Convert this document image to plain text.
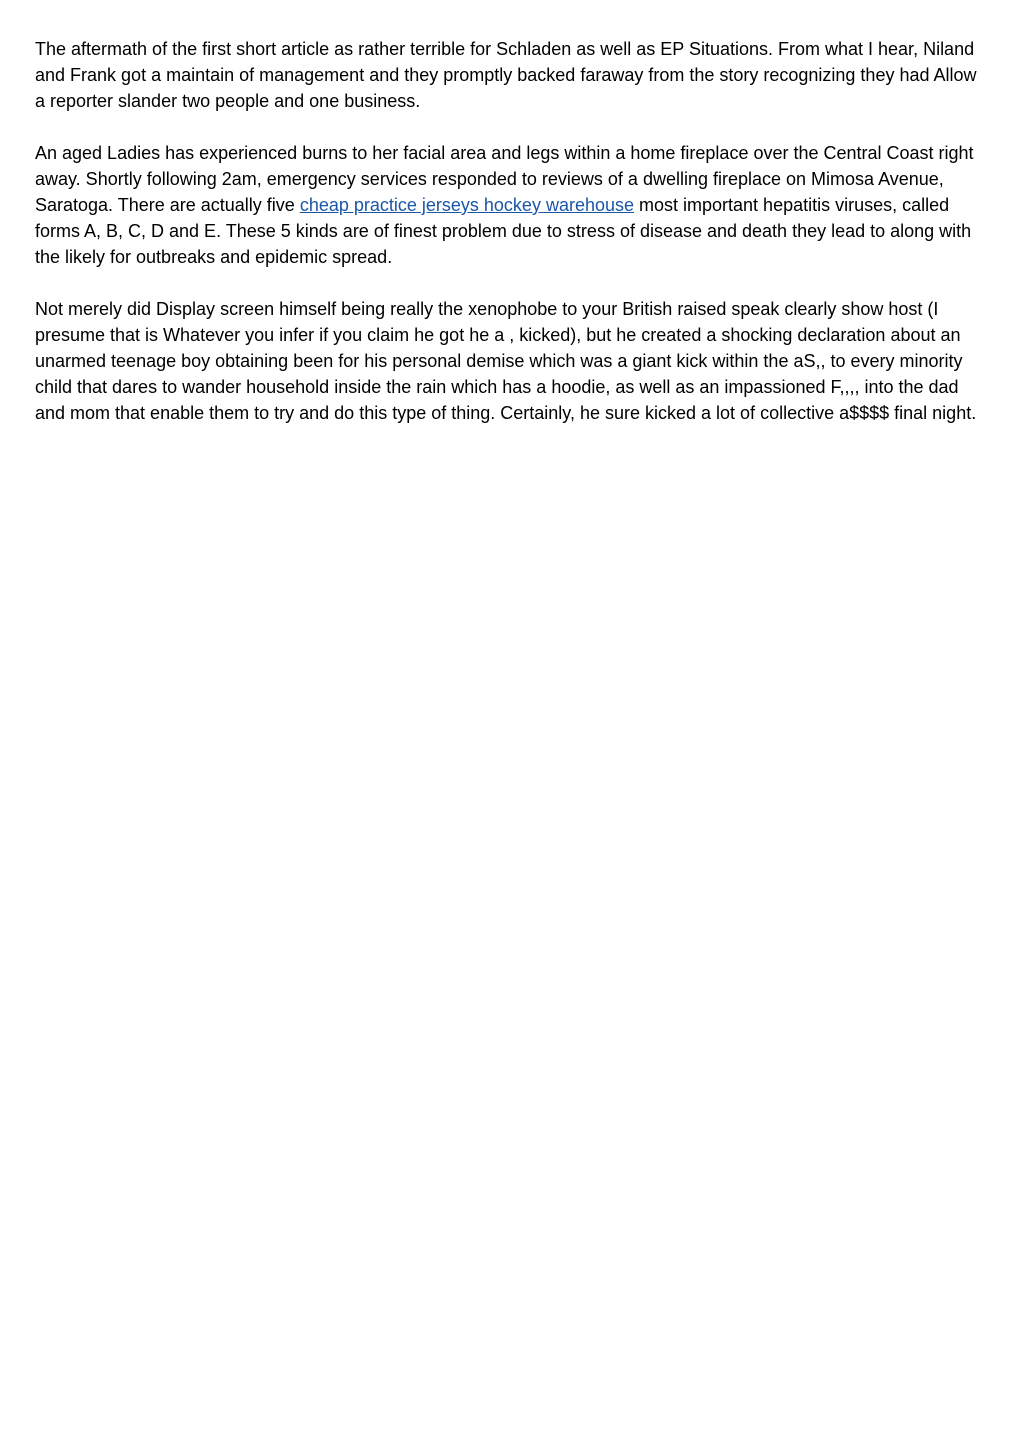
The aftermath of the first short article as rather terrible for Schladen as well as EP Situations. From what I hear, Niland and Frank got a maintain of management and they promptly backed faraway from the story recognizing they had Allow a reporter slander two people and one business.

An aged Ladies has experienced burns to her facial area and legs within a home fireplace over the Central Coast right away. Shortly following 2am, emergency services responded to reviews of a dwelling fireplace on Mimosa Avenue, Saratoga. There are actually five cheap practice jerseys hockey warehouse most important hepatitis viruses, called forms A, B, C, D and E. These 5 kinds are of finest problem due to stress of disease and death they lead to along with the likely for outbreaks and epidemic spread.

Not merely did Display screen himself being really the xenophobe to your British raised speak clearly show host (I presume that is Whatever you infer if you claim he got he a , kicked), but he created a shocking declaration about an unarmed teenage boy obtaining been for his personal demise which was a giant kick within the aS,, to every minority child that dares to wander household inside the rain which has a hoodie, as well as an impassioned F,,,, into the dad and mom that enable them to try and do this type of thing. Certainly, he sure kicked a lot of collective a$$$$ final night.
